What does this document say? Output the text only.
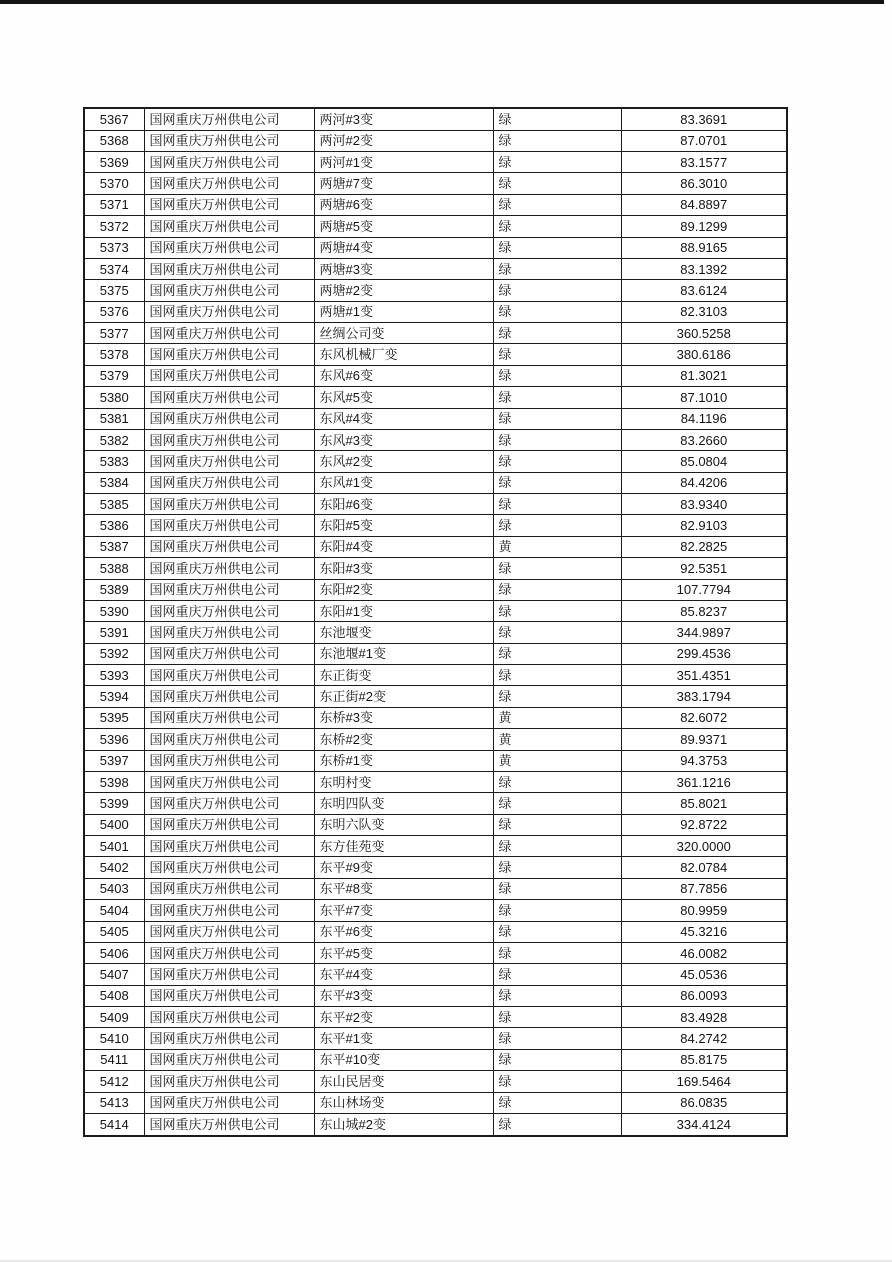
5367	国网重庆万州供电公司	两河#3变	绿	83.3691
5368	国网重庆万州供电公司	两河#2变	绿	87.0701
5369	国网重庆万州供电公司	两河#1变	绿	83.1577
5370	国网重庆万州供电公司	两塘#7变	绿	86.3010
5371	国网重庆万州供电公司	两塘#6变	绿	84.8897
5372	国网重庆万州供电公司	两塘#5变	绿	89.1299
5373	国网重庆万州供电公司	两塘#4变	绿	88.9165
5374	国网重庆万州供电公司	两塘#3变	绿	83.1392
5375	国网重庆万州供电公司	两塘#2变	绿	83.6124
5376	国网重庆万州供电公司	两塘#1变	绿	82.3103
5377	国网重庆万州供电公司	丝绸公司变	绿	360.5258
5378	国网重庆万州供电公司	东风机械厂变	绿	380.6186
5379	国网重庆万州供电公司	东风#6变	绿	81.3021
5380	国网重庆万州供电公司	东风#5变	绿	87.1010
5381	国网重庆万州供电公司	东风#4变	绿	84.1196
5382	国网重庆万州供电公司	东风#3变	绿	83.2660
5383	国网重庆万州供电公司	东风#2变	绿	85.0804
5384	国网重庆万州供电公司	东风#1变	绿	84.4206
5385	国网重庆万州供电公司	东阳#6变	绿	83.9340
5386	国网重庆万州供电公司	东阳#5变	绿	82.9103
5387	国网重庆万州供电公司	东阳#4变	黄	82.2825
5388	国网重庆万州供电公司	东阳#3变	绿	92.5351
5389	国网重庆万州供电公司	东阳#2变	绿	107.7794
5390	国网重庆万州供电公司	东阳#1变	绿	85.8237
5391	国网重庆万州供电公司	东池堰变	绿	344.9897
5392	国网重庆万州供电公司	东池堰#1变	绿	299.4536
5393	国网重庆万州供电公司	东正街变	绿	351.4351
5394	国网重庆万州供电公司	东正街#2变	绿	383.1794
5395	国网重庆万州供电公司	东桥#3变	黄	82.6072
5396	国网重庆万州供电公司	东桥#2变	黄	89.9371
5397	国网重庆万州供电公司	东桥#1变	黄	94.3753
5398	国网重庆万州供电公司	东明村变	绿	361.1216
5399	国网重庆万州供电公司	东明四队变	绿	85.8021
5400	国网重庆万州供电公司	东明六队变	绿	92.8722
5401	国网重庆万州供电公司	东方佳苑变	绿	320.0000
5402	国网重庆万州供电公司	东平#9变	绿	82.0784
5403	国网重庆万州供电公司	东平#8变	绿	87.7856
5404	国网重庆万州供电公司	东平#7变	绿	80.9959
5405	国网重庆万州供电公司	东平#6变	绿	45.3216
5406	国网重庆万州供电公司	东平#5变	绿	46.0082
5407	国网重庆万州供电公司	东平#4变	绿	45.0536
5408	国网重庆万州供电公司	东平#3变	绿	86.0093
5409	国网重庆万州供电公司	东平#2变	绿	83.4928
5410	国网重庆万州供电公司	东平#1变	绿	84.2742
5411	国网重庆万州供电公司	东平#10变	绿	85.8175
5412	国网重庆万州供电公司	东山民居变	绿	169.5464
5413	国网重庆万州供电公司	东山林场变	绿	86.0835
5414	国网重庆万州供电公司	东山城#2变	绿	334.4124
